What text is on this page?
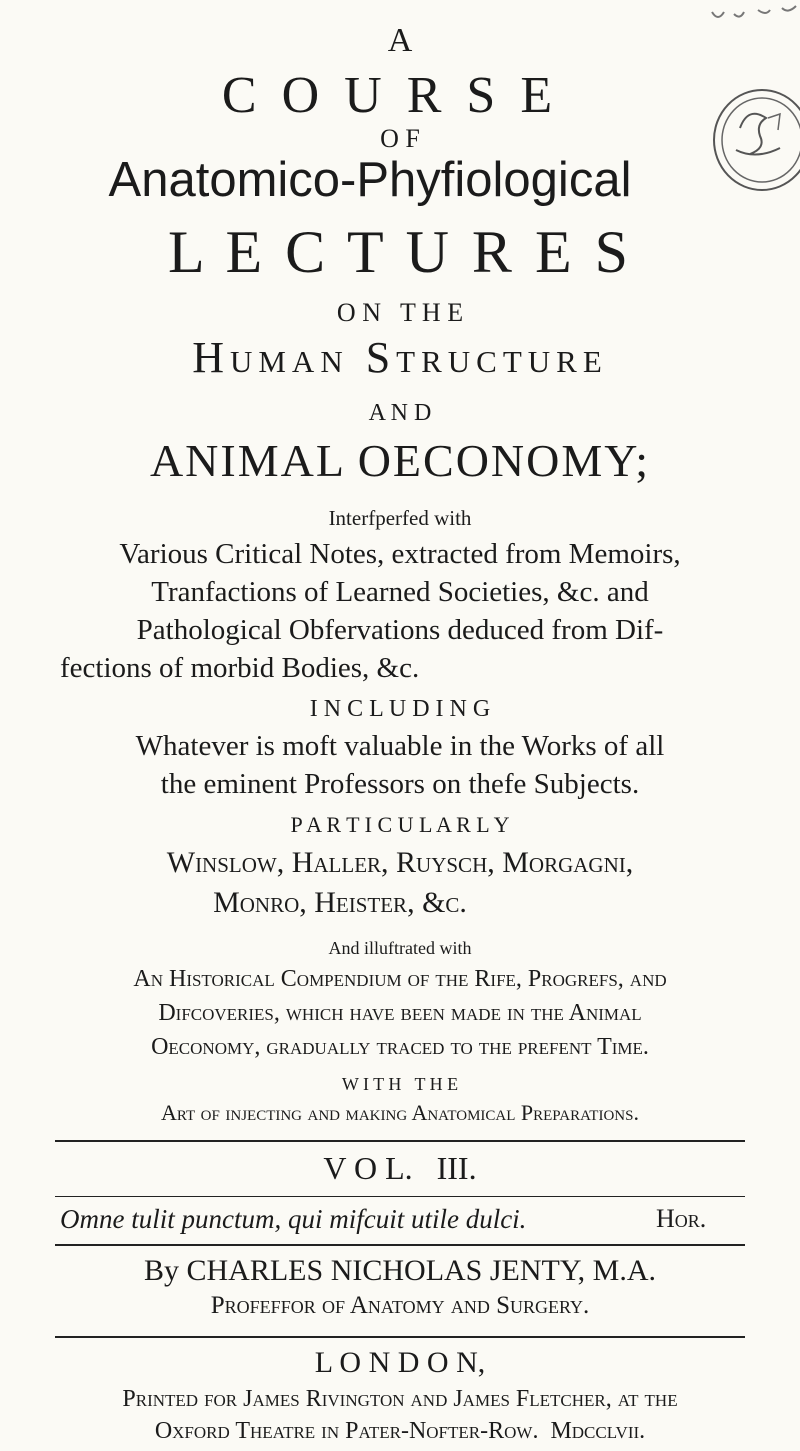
A
C O U R S E
O F
Anatomico-Phyfiological
L E C T U R E S
O N   T H E
Human Structure
A N D
ANIMAL OECONOMY;
Interfperfed with
Various Critical Notes, extracted from Memoirs,
Tranfactions of Learned Societies, &c. and
Pathological Obfervations deduced from Dif-
fections of morbid Bodies, &c.
I N C L U D I N G
Whatever is moft valuable in the Works of all
the eminent Professors on thefe Subjects.
P A R T I C U L A R L Y
Winslow, Haller, Ruysch, Morgagni,
Monro, Heister, &c.
And illuftrated with
An Historical Compendium of the Rife, Progrefs, and
Difcoveries, which have been made in the Animal
Oeconomy, gradually traced to the prefent Time.
W I T H   T H E
Art of injecting and making Anatomical Preparations.
V O L.   III.
Omne tulit punctum, qui mifcuit utile dulci.	Hor.
By CHARLES NICHOLAS JENTY, M.A.
Profeffor of Anatomy and Surgery.
L O N D O N,
Printed for James Rivington and James Fletcher, at the
Oxford Theatre in Pater-Nofter-Row.  Mdcclvii.
